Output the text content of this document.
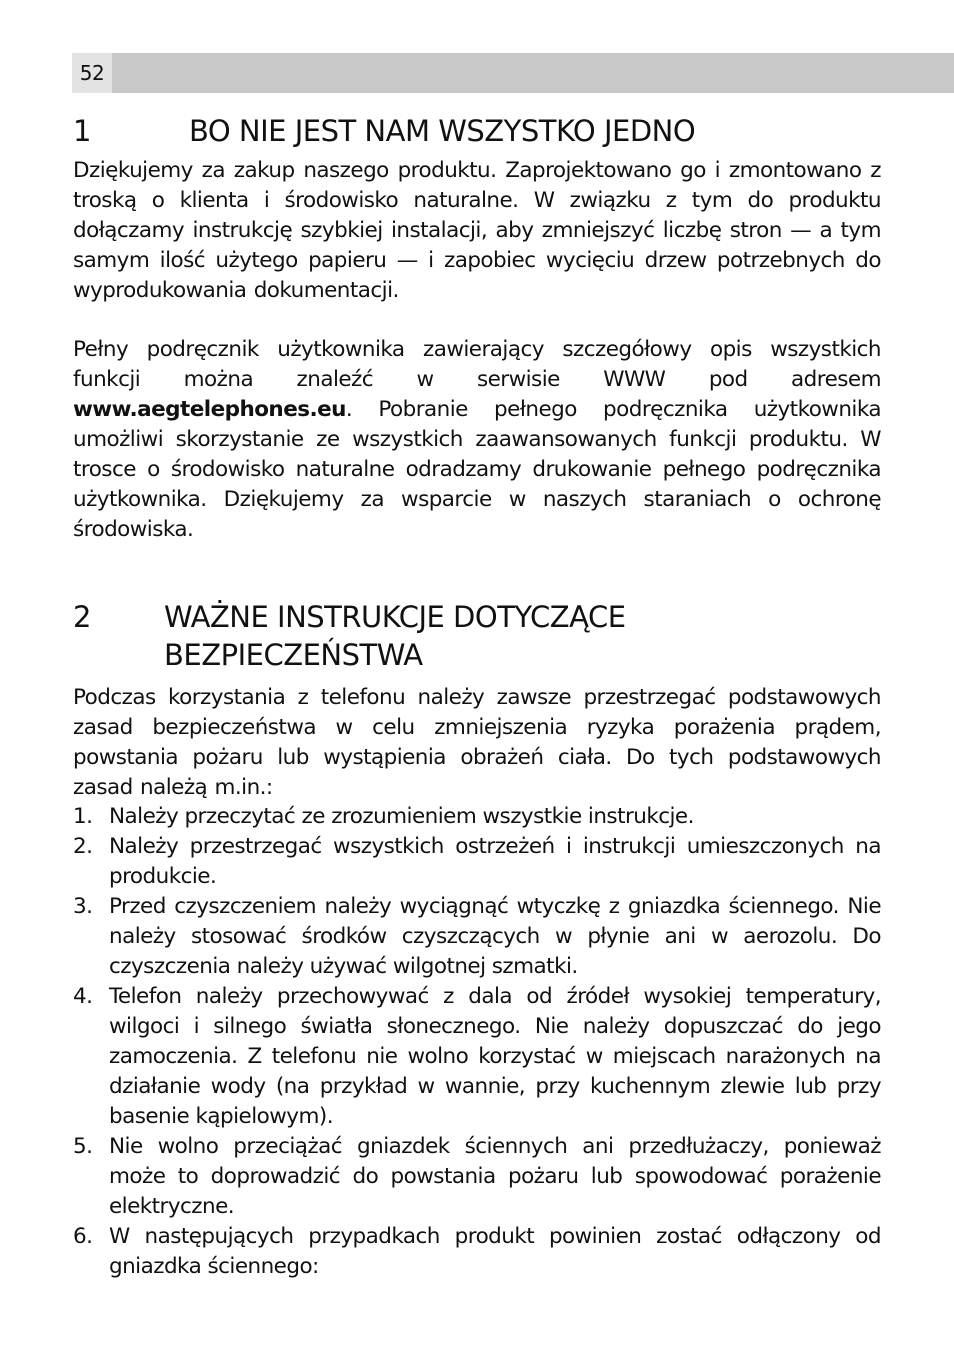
52
1	BO NIE JEST NAM WSZYSTKO JEDNO
Dziękujemy za zakup naszego produktu. Zaprojektowano go i zmontowano z troską o klienta i środowisko naturalne. W związku z tym do produktu dołączamy instrukcję szybkiej instalacji, aby zmniejszyć liczbę stron — a tym samym ilość użytego papieru — i zapobiec wycięciu drzew potrzebnych do wyprodukowania dokumentacji.
Pełny podręcznik użytkownika zawierający szczegółowy opis wszystkich funkcji można znaleźć w serwisie WWW pod adresem www.aegtelephones.eu. Pobranie pełnego podręcznika użytkownika umożliwi skorzystanie ze wszystkich zaawansowanych funkcji produktu. W trosce o środowisko naturalne odradzamy drukowanie pełnego podręcznika użytkownika. Dziękujemy za wsparcie w naszych staraniach o ochronę środowiska.
2	WAŻNE INSTRUKCJE DOTYCZĄCE
BEZPIECZEŃSTWA
Podczas korzystania z telefonu należy zawsze przestrzegać podstawowych zasad bezpieczeństwa w celu zmniejszenia ryzyka porażenia prądem, powstania pożaru lub wystąpienia obrażeń ciała. Do tych podstawowych zasad należą m.in.:
1. Należy przeczytać ze zrozumieniem wszystkie instrukcje.
2. Należy przestrzegać wszystkich ostrzeżeń i instrukcji umieszczonych na produkcie.
3. Przed czyszczeniem należy wyciągnąć wtyczkę z gniazdka ściennego. Nie należy stosować środków czyszczących w płynie ani w aerozolu. Do czyszczenia należy używać wilgotnej szmatki.
4. Telefon należy przechowywać z dala od źródeł wysokiej temperatury, wilgoci i silnego światła słonecznego. Nie należy dopuszczać do jego zamoczenia. Z telefonu nie wolno korzystać w miejscach narażonych na działanie wody (na przykład w wannie, przy kuchennym zlewie lub przy basenie kąpielowym).
5. Nie wolno przeciążać gniazdek ściennych ani przedłużaczy, ponieważ może to doprowadzić do powstania pożaru lub spowodować porażenie elektryczne.
6. W następujących przypadkach produkt powinien zostać odłączony od gniazdka ściennego:
